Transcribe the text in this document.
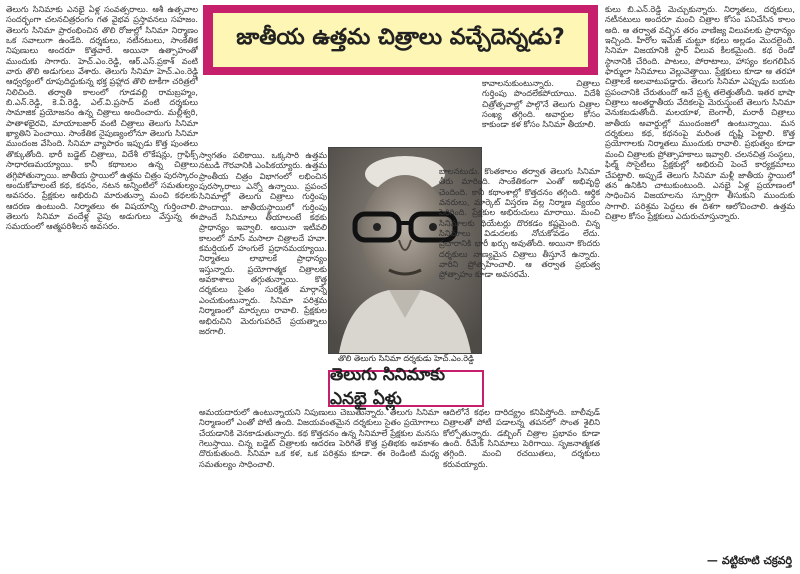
తెలుగు సినిమాకు ఎనభై ఏళ్ల సంవత్సరాలు. ఆశీ ఉత్సవాల సందర్భంగా చలనచిత్రరంగం గత వైభవ ప్రస్తావనలు సహజం. తెలుగు సినిమా ప్రారంభించిన తొలి రోజుల్లో సినిమా నిర్మాణం ఒక సవాలుగా ఉండేది. దర్శకులు, నటీనటులు, సాంకేతిక నిపుణులు అందరూ కొత్తవారే. అయినా ఉత్సాహంతో ముందుకు సాగారు. హెచ్.ఎం.రెడ్డి, ఆర్.ఎస్.ప్రకాశ్ వంటి వారు తొలి అడుగులు వేశారు. తెలుగు సినిమా హెచ్.ఎం.రెడ్డి ఆధ్వర్యంలో రూపుదిద్దుకున్న భక్త ప్రహ్లాద తొలి టాకీగా చరిత్రలో నిలిచింది. తర్వాతి కాలంలో గూడవల్లి రామబ్రహ్మం, బి.ఎన్.రెడ్డి, కె.వి.రెడ్డి, ఎల్.వి.ప్రసాద్ వంటి దర్శకులు సామాజిక ప్రయోజనం ఉన్న చిత్రాలు అందించారు. మల్లీశ్వరి, పాతాళభైరవి, మాయాబజార్ వంటి చిత్రాలు తెలుగు సినిమా ఖ్యాతిని పెంచాయి. సాంకేతిక నైపుణ్యంలోనూ తెలుగు సినిమా ముందంజ వేసింది. సినిమా వ్యాపారం ఇప్పుడు కొత్త పుంతలు తొక్కుతోంది. భారీ బడ్జెట్ చిత్రాలు, విదేశీ లొకేషన్లు, గ్రాఫిక్స్ సాధారణమయ్యాయి. కానీ కథాబలం ఉన్న చిత్రాలు తగ్గిపోతున్నాయి. జాతీయ స్థాయిలో ఉత్తమ చిత్రం పురస్కారం అందుకోవాలంటే కథ, కథనం, నటన అన్నింటిలో సమతుల్యం అవసరం. ప్రేక్షకుల అభిరుచి మారుతున్నా మంచి కథలకు ఆదరణ ఉంటుంది. నిర్మాతలు ఈ విషయాన్ని గుర్తించాలి. తెలుగు సినిమా వందేళ్ల వైపు అడుగులు వేస్తున్న ఈ సమయంలో ఆత్మపరిశీలన అవసరం.

జాతీయ ఉత్తమ చిత్రాలు వచ్చేదెన్నడు?

స్వాగతం పలికాయి. ఒక్కసారి ఉత్తమ నటుడి గౌరవానికి ఎంపికయ్యారు. ఉత్తమ ప్రాంతీయ చిత్రం విభాగంలో లభించిన పురస్కారాలు ఎన్నో ఉన్నాయి. ప్రపంచ సినిమాల్లో తెలుగు చిత్రాలు గుర్తింపు పొందాయి. జాతీయస్థాయిలో గుర్తింపు పొందే సినిమాలు తీయాలంటే కథకు ప్రాధాన్యం ఇవ్వాలి. అయినా ఇటీవలి కాలంలో మాస్ మసాలా చిత్రాలదే హవా. కమర్షియల్ హంగులే ప్రధానమయ్యాయి. నిర్మాతలు లాభాలకే ప్రాధాన్యం ఇస్తున్నారు. ప్రయోగాత్మక చిత్రాలకు అవకాశాలు తగ్గుతున్నాయి. కొత్త దర్శకులు సైతం సురక్షిత మార్గాన్నే ఎంచుకుంటున్నారు. సినిమా పరిశ్రమ నిర్మాణంలో మార్పులు రావాలి. ప్రేక్షకుల అభిరుచిని మెరుగుపరిచే ప్రయత్నాలు జరగాలి.

కావాలనుకుంటున్నారు. చిత్రాలు గుర్తింపు పొందలేకపోయాయి. విదేశీ చిత్రోత్సవాల్లో పాల్గొనే తెలుగు చిత్రాల సంఖ్య తగ్గింది. అవార్డుల కోసం కాకుండా కళ కోసం సినిమా తీయాలి.

తొలి తెలుగు సినిమా దర్శకుడు హెచ్.ఎం.రెడ్డి
తెలుగు సినిమాకు ఎనభై ఏళ్లు

బాలనటుడు. కొంతకాలం తర్వాత తెలుగు సినిమా తీరు మారింది. సాంకేతికంగా ఎంతో అభివృద్ధి చెందింది. కానీ కథాంశాల్లో కొత్తదనం తగ్గింది. ఆర్థిక వనరులు, మార్కెట్ విస్తరణ వల్ల నిర్మాణ వ్యయం పెరిగింది. ప్రేక్షకుల అభిరుచులు మారాయి. మంచి సినిమాలకు థియేటర్లు దొరకడం కష్టమైంది. చిన్న సినిమాలు విడుదలకు నోచుకోవడం లేదు. ప్రచారానికి భారీ ఖర్చు అవుతోంది. అయినా కొందరు దర్శకులు నాణ్యమైన చిత్రాలు తీస్తూనే ఉన్నారు. వారిని ప్రోత్సహించాలి. ఆ తర్వాత ప్రభుత్వ ప్రోత్సాహం కూడా అవసరమే.

అమయదారులో ఉంటున్నాయని నిపుణులు చెబుతున్నారు. తెలుగు సినిమా నిర్మాణంలో ఎంతో పోటీ ఉంది. విజయవంతమైన దర్శకులు సైతం ప్రయోగాలు చేయడానికి వెనకాడుతున్నారు. కథ కొత్తదనం ఉన్న సినిమాలే ప్రేక్షకుల మనసు గెలుస్తాయి. చిన్న బడ్జెట్ చిత్రాలకు ఆదరణ పెరిగితే కొత్త ప్రతిభకు అవకాశం దొరుకుతుంది. సినిమా ఒక కళ, ఒక పరిశ్రమ కూడా. ఈ రెండింటి మధ్య సమతుల్యం సాధించాలి.

ఆదిలోనే కథల దారిద్య్రం కనిపిస్తోంది. బాలీవుడ్ చిత్రాలతో పోటీ పడాలన్న తపనలో సొంత శైలిని కోల్పోతున్నారు. డబ్బింగ్ చిత్రాల ప్రభావం కూడా ఉంది. రీమేక్ సినిమాలు పెరిగాయి. సృజనాత్మకత తగ్గింది. మంచి రచయితలు, దర్శకులు కరువయ్యారు.

కులు బి.ఎన్.రెడ్డి మెచ్చుకున్నారు. నిర్మాతలు, దర్శకులు, నటీనటులు అందరూ మంచి చిత్రాల కోసం పనిచేసిన కాలం అది. ఆ తర్వాత వచ్చిన తరం వాణిజ్య విలువలకు ప్రాధాన్యం ఇచ్చింది. హీరోల ఇమేజ్ చుట్టూ కథలు అల్లడం మొదలైంది. సినిమా విజయానికి స్టార్ విలువ కీలకమైంది. కథ రెండో స్థానానికి చేరింది. పాటలు, పోరాటాలు, హాస్యం కలగలిపిన ఫార్ములా సినిమాలు వెల్లువెత్తాయి. ప్రేక్షకులు కూడా ఆ తరహా చిత్రాలకే అలవాటుపడ్డారు. తెలుగు సినిమా ఎప్పుడు బయట ప్రపంచానికి చేరుతుందో అనే ప్రశ్న తలెత్తుతోంది. ఇతర భాషా చిత్రాలు అంతర్జాతీయ వేదికలపై మెరుస్తుంటే తెలుగు సినిమా వెనుకబడుతోంది. మలయాళ, బెంగాలీ, మరాఠీ చిత్రాలు జాతీయ అవార్డుల్లో ముందంజలో ఉంటున్నాయి. మన దర్శకులు కథ, కథనంపై మరింత దృష్టి పెట్టాలి. కొత్త ప్రయోగాలకు నిర్మాతలు ముందుకు రావాలి. ప్రభుత్వం కూడా మంచి చిత్రాలకు ప్రోత్సాహకాలు ఇవ్వాలి. చలనచిత్ర సంస్థలు, ఫిల్మ్ సొసైటీలు ప్రేక్షకుల్లో అభిరుచి పెంచే కార్యక్రమాలు చేపట్టాలి. అప్పుడే తెలుగు సినిమా మళ్లీ జాతీయ స్థాయిలో తన ఉనికిని చాటుకుంటుంది. ఎనభై ఏళ్ల ప్రయాణంలో సాధించిన విజయాలను స్ఫూర్తిగా తీసుకుని ముందుకు సాగాలి. పరిశ్రమ పెద్దలు ఈ దిశగా ఆలోచించాలి. ఉత్తమ చిత్రాల కోసం ప్రేక్షకులు ఎదురుచూస్తున్నారు.

— వట్టికూటి చక్రవర్తి
